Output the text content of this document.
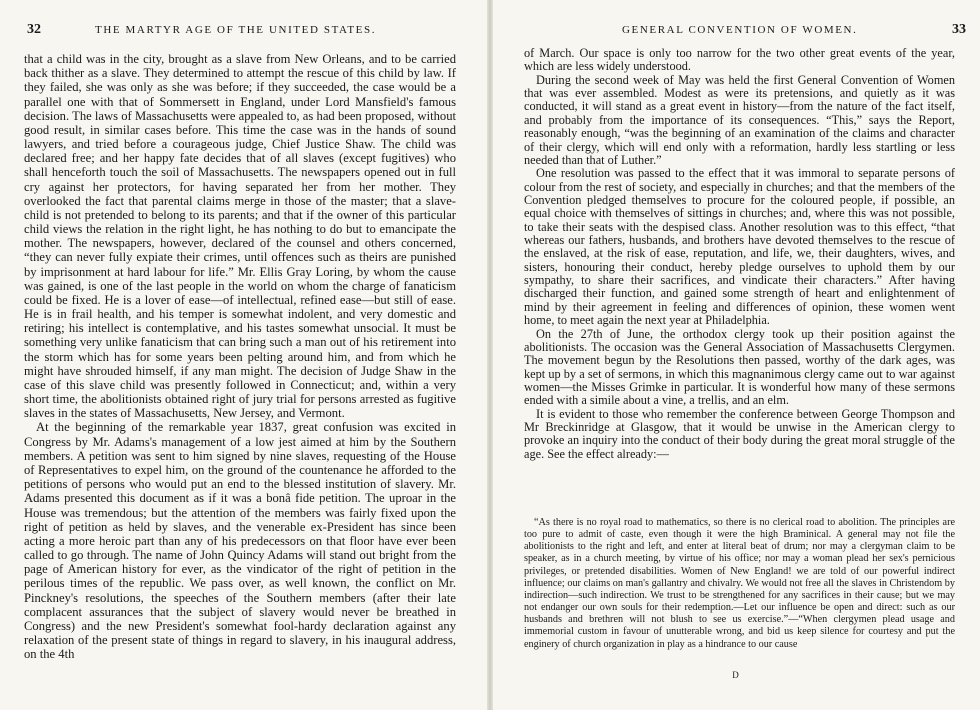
32	THE MARTYR AGE OF THE UNITED STATES.

that a child was in the city, brought as a slave from New Orleans, and to be carried back thither as a slave. They determined to attempt the rescue of this child by law. If they failed, she was only as she was before; if they succeeded, the case would be a parallel one with that of Sommersett in England, under Lord Mansfield's famous decision. The laws of Massachusetts were appealed to, as had been proposed, without good result, in similar cases before. This time the case was in the hands of sound lawyers, and tried before a courageous judge, Chief Justice Shaw. The child was declared free; and her happy fate decides that of all slaves (except fugitives) who shall henceforth touch the soil of Massachusetts. The newspapers opened out in full cry against her protectors, for having separated her from her mother. They overlooked the fact that parental claims merge in those of the master; that a slave-child is not pretended to belong to its parents; and that if the owner of this particular child views the relation in the right light, he has nothing to do but to emancipate the mother. The newspapers, however, declared of the counsel and others concerned, “they can never fully expiate their crimes, until offences such as theirs are punished by imprisonment at hard labour for life.” Mr. Ellis Gray Loring, by whom the cause was gained, is one of the last people in the world on whom the charge of fanaticism could be fixed. He is a lover of ease—of intellectual, refined ease—but still of ease. He is in frail health, and his temper is somewhat indolent, and very domestic and retiring; his intellect is contemplative, and his tastes somewhat unsocial. It must be something very unlike fanaticism that can bring such a man out of his retirement into the storm which has for some years been pelting around him, and from which he might have shrouded himself, if any man might. The decision of Judge Shaw in the case of this slave child was presently followed in Connecticut; and, within a very short time, the abolitionists obtained right of jury trial for persons arrested as fugitive slaves in the states of Massachusetts, New Jersey, and Vermont.

At the beginning of the remarkable year 1837, great confusion was excited in Congress by Mr. Adams's management of a low jest aimed at him by the Southern members. A petition was sent to him signed by nine slaves, requesting of the House of Representatives to expel him, on the ground of the countenance he afforded to the petitions of persons who would put an end to the blessed institution of slavery. Mr. Adams presented this document as if it was a bonâ fide petition. The uproar in the House was tremendous; but the attention of the members was fairly fixed upon the right of petition as held by slaves, and the venerable ex-President has since been acting a more heroic part than any of his predecessors on that floor have ever been called to go through. The name of John Quincy Adams will stand out bright from the page of American history for ever, as the vindicator of the right of petition in the perilous times of the republic. We pass over, as well known, the conflict on Mr. Pinckney's resolutions, the speeches of the Southern members (after their late complacent assurances that the subject of slavery would never be breathed in Congress) and the new President's somewhat fool-hardy declaration against any relaxation of the present state of things in regard to slavery, in his inaugural address, on the 4th

GENERAL CONVENTION OF WOMEN.	33

of March. Our space is only too narrow for the two other great events of the year, which are less widely understood.

During the second week of May was held the first General Convention of Women that was ever assembled. Modest as were its pretensions, and quietly as it was conducted, it will stand as a great event in history—from the nature of the fact itself, and probably from the importance of its consequences. “This,” says the Report, reasonably enough, “was the beginning of an examination of the claims and character of their clergy, which will end only with a reformation, hardly less startling or less needed than that of Luther.”

One resolution was passed to the effect that it was immoral to separate persons of colour from the rest of society, and especially in churches; and that the members of the Convention pledged themselves to procure for the coloured people, if possible, an equal choice with themselves of sittings in churches; and, where this was not possible, to take their seats with the despised class. Another resolution was to this effect, “that whereas our fathers, husbands, and brothers have devoted themselves to the rescue of the enslaved, at the risk of ease, reputation, and life, we, their daughters, wives, and sisters, honouring their conduct, hereby pledge ourselves to uphold them by our sympathy, to share their sacrifices, and vindicate their characters.” After having discharged their function, and gained some strength of heart and enlightenment of mind by their agreement in feeling and differences of opinion, these women went home, to meet again the next year at Philadelphia.

On the 27th of June, the orthodox clergy took up their position against the abolitionists. The occasion was the General Association of Massachusetts Clergymen. The movement begun by the Resolutions then passed, worthy of the dark ages, was kept up by a set of sermons, in which this magnanimous clergy came out to war against women—the Misses Grimke in particular. It is wonderful how many of these sermons ended with a simile about a vine, a trellis, and an elm.

It is evident to those who remember the conference between George Thompson and Mr Breckinridge at Glasgow, that it would be unwise in the American clergy to provoke an inquiry into the conduct of their body during the great moral struggle of the age. See the effect already:—

“As there is no royal road to mathematics, so there is no clerical road to abolition. The principles are too pure to admit of caste, even though it were the high Braminical. A general may not file the abolitionists to the right and left, and enter at literal beat of drum; nor may a clergyman claim to be speaker, as in a church meeting, by virtue of his office; nor may a woman plead her sex's pernicious privileges, or pretended disabilities. Women of New England! we are told of our powerful indirect influence; our claims on man's gallantry and chivalry. We would not free all the slaves in Christendom by indirection—such indirection. We trust to be strengthened for any sacrifices in their cause; but we may not endanger our own souls for their redemption.—Let our influence be open and direct: such as our husbands and brethren will not blush to see us exercise.”—“When clergymen plead usage and immemorial custom in favour of unutterable wrong, and bid us keep silence for courtesy and put the enginery of church organization in play as a hindrance to our cause

D
